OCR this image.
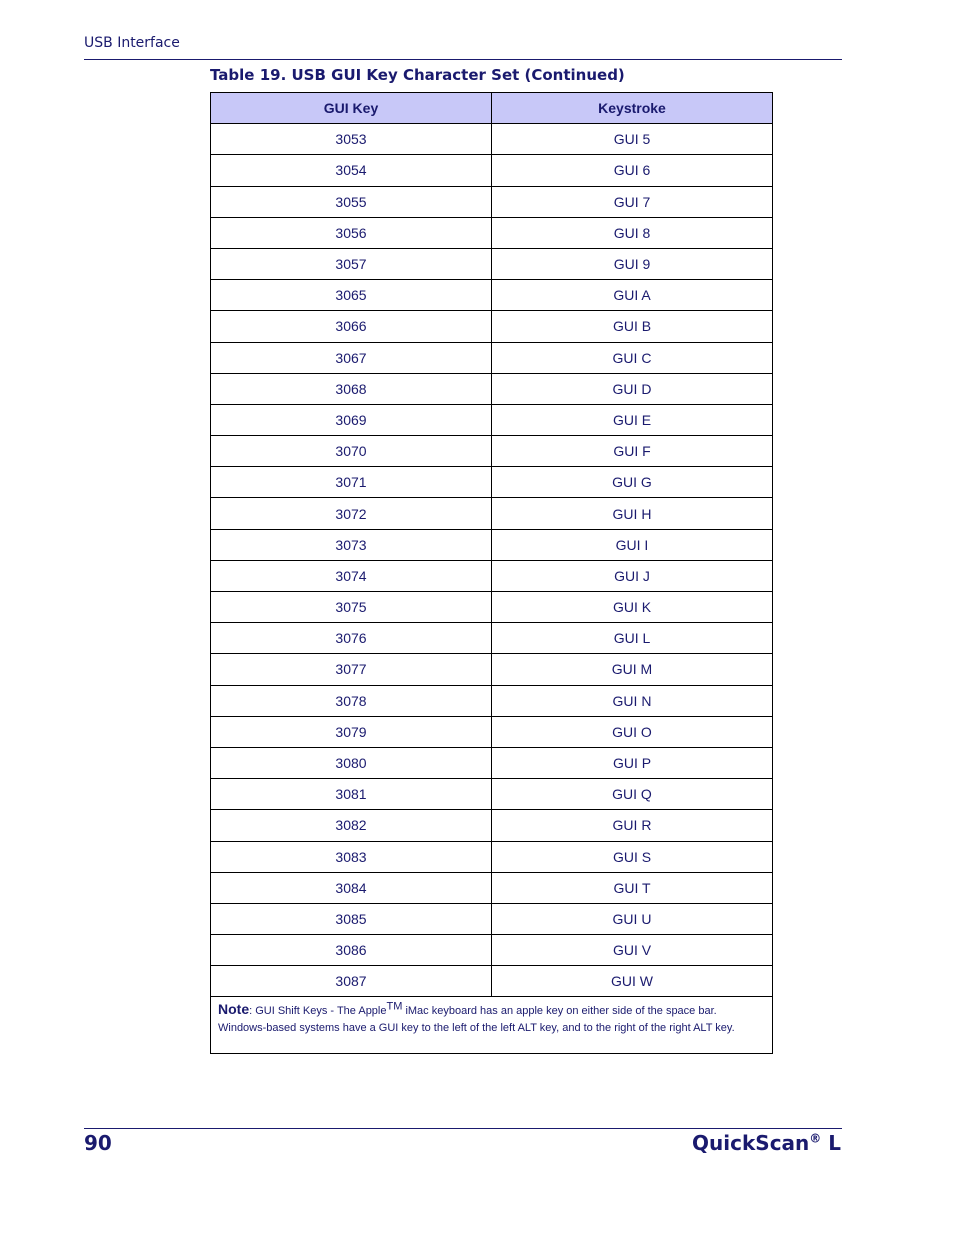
USB Interface
Table 19. USB GUI Key Character Set (Continued)
GUI Key	Keystroke
3053	GUI 5
3054	GUI 6
3055	GUI 7
3056	GUI 8
3057	GUI 9
3065	GUI A
3066	GUI B
3067	GUI C
3068	GUI D
3069	GUI E
3070	GUI F
3071	GUI G
3072	GUI H
3073	GUI I
3074	GUI J
3075	GUI K
3076	GUI L
3077	GUI M
3078	GUI N
3079	GUI O
3080	GUI P
3081	GUI Q
3082	GUI R
3083	GUI S
3084	GUI T
3085	GUI U
3086	GUI V
3087	GUI W
Note: GUI Shift Keys - The AppleTM iMac keyboard has an apple key on either side of the space bar. Windows-based systems have a GUI key to the left of the left ALT key, and to the right of the right ALT key.	
90	QuickScan® L
